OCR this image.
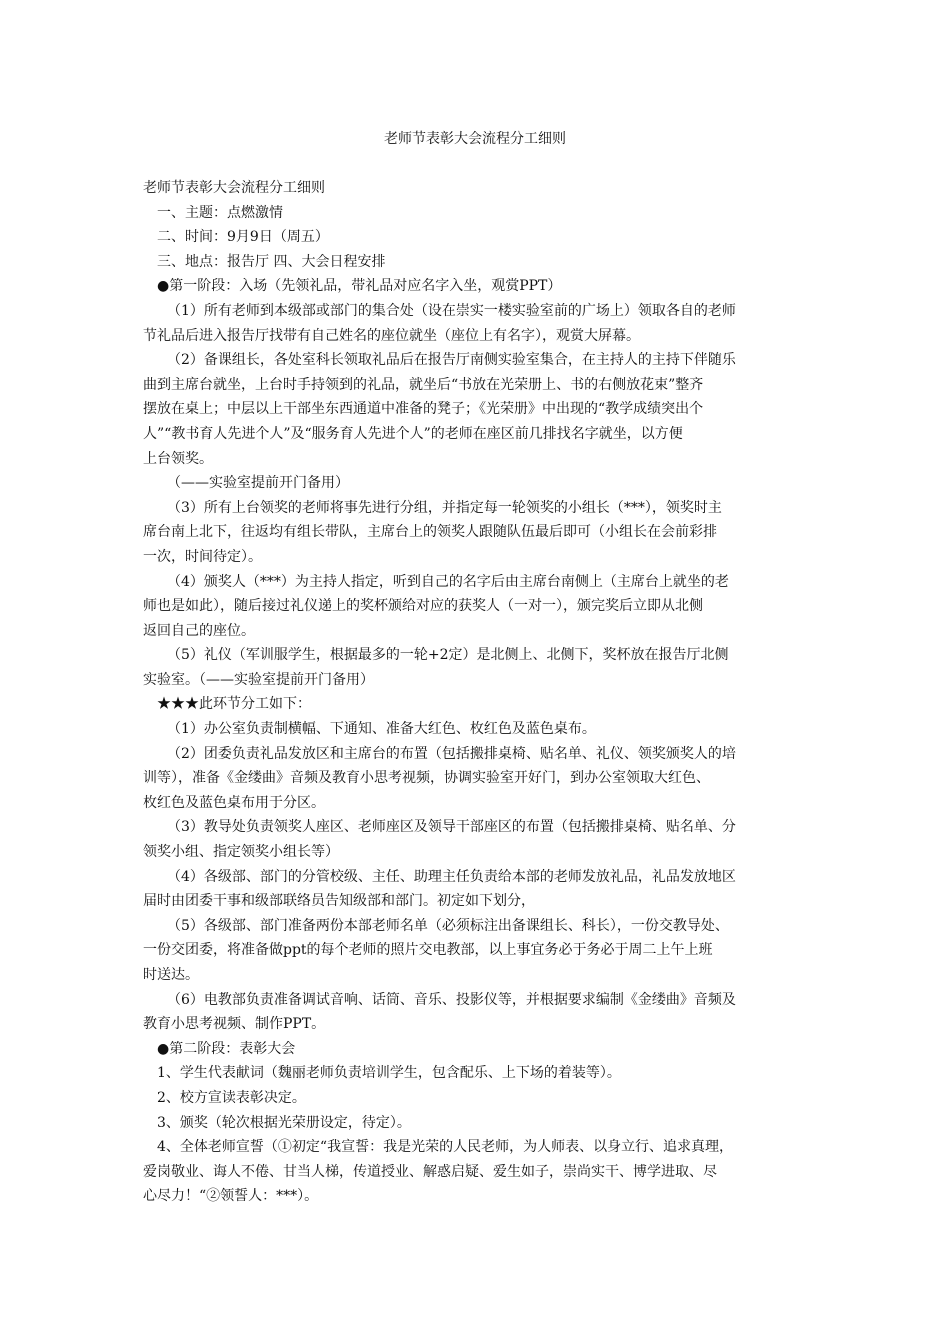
老师节表彰大会流程分工细则

老师节表彰大会流程分工细则

一、主题：点燃激情

二、时间：9月9日（周五）

三、地点：报告厅 四、大会日程安排

●第一阶段：入场（先领礼品，带礼品对应名字入坐，观赏PPT）

（1）所有老师到本级部或部门的集合处（设在崇实一楼实验室前的广场上）领取各自的老师

节礼品后进入报告厅找带有自己姓名的座位就坐（座位上有名字），观赏大屏幕。

（2）备课组长，各处室科长领取礼品后在报告厅南侧实验室集合，在主持人的主持下伴随乐

曲到主席台就坐，上台时手持领到的礼品，就坐后“书放在光荣册上、书的右侧放花束”整齐

摆放在桌上；中层以上干部坐东西通道中准备的凳子；《光荣册》中出现的“教学成绩突出个

人”“教书育人先进个人”及“服务育人先进个人”的老师在座区前几排找名字就坐，以方便

上台领奖。

（——实验室提前开门备用）

（3）所有上台领奖的老师将事先进行分组，并指定每一轮领奖的小组长（***），领奖时主

席台南上北下，往返均有组长带队，主席台上的领奖人跟随队伍最后即可（小组长在会前彩排

一次，时间待定）。

（4）颁奖人（***）为主持人指定，听到自己的名字后由主席台南侧上（主席台上就坐的老

师也是如此），随后接过礼仪递上的奖杯颁给对应的获奖人（一对一），颁完奖后立即从北侧

返回自己的座位。

（5）礼仪（军训服学生，根据最多的一轮+2定）是北侧上、北侧下，奖杯放在报告厅北侧

实验室。（——实验室提前开门备用）

★★★此环节分工如下：

（1）办公室负责制横幅、下通知、准备大红色、枚红色及蓝色桌布。

（2）团委负责礼品发放区和主席台的布置（包括搬排桌椅、贴名单、礼仪、领奖颁奖人的培

训等），准备《金缕曲》音频及教育小思考视频，协调实验室开好门，到办公室领取大红色、

枚红色及蓝色桌布用于分区。

（3）教导处负责领奖人座区、老师座区及领导干部座区的布置（包括搬排桌椅、贴名单、分

领奖小组、指定领奖小组长等）

（4）各级部、部门的分管校级、主任、助理主任负责给本部的老师发放礼品，礼品发放地区

届时由团委干事和级部联络员告知级部和部门。初定如下划分，

（5）各级部、部门准备两份本部老师名单（必须标注出备课组长、科长），一份交教导处、

一份交团委，将准备做ppt的每个老师的照片交电教部，以上事宜务必于务必于周二上午上班

时送达。

（6）电教部负责准备调试音响、话筒、音乐、投影仪等，并根据要求编制《金缕曲》音频及

教育小思考视频、制作PPT。

●第二阶段：表彰大会

1、学生代表献词（魏丽老师负责培训学生，包含配乐、上下场的着装等）。

2、校方宣读表彰决定。

3、颁奖（轮次根据光荣册设定，待定）。

4、全体老师宣誓（①初定“我宣誓：我是光荣的人民老师，为人师表、以身立行、追求真理，

爱岗敬业、诲人不倦、甘当人梯，传道授业、解惑启疑、爱生如子，崇尚实干、博学进取、尽

心尽力！“②领誓人：***）。
